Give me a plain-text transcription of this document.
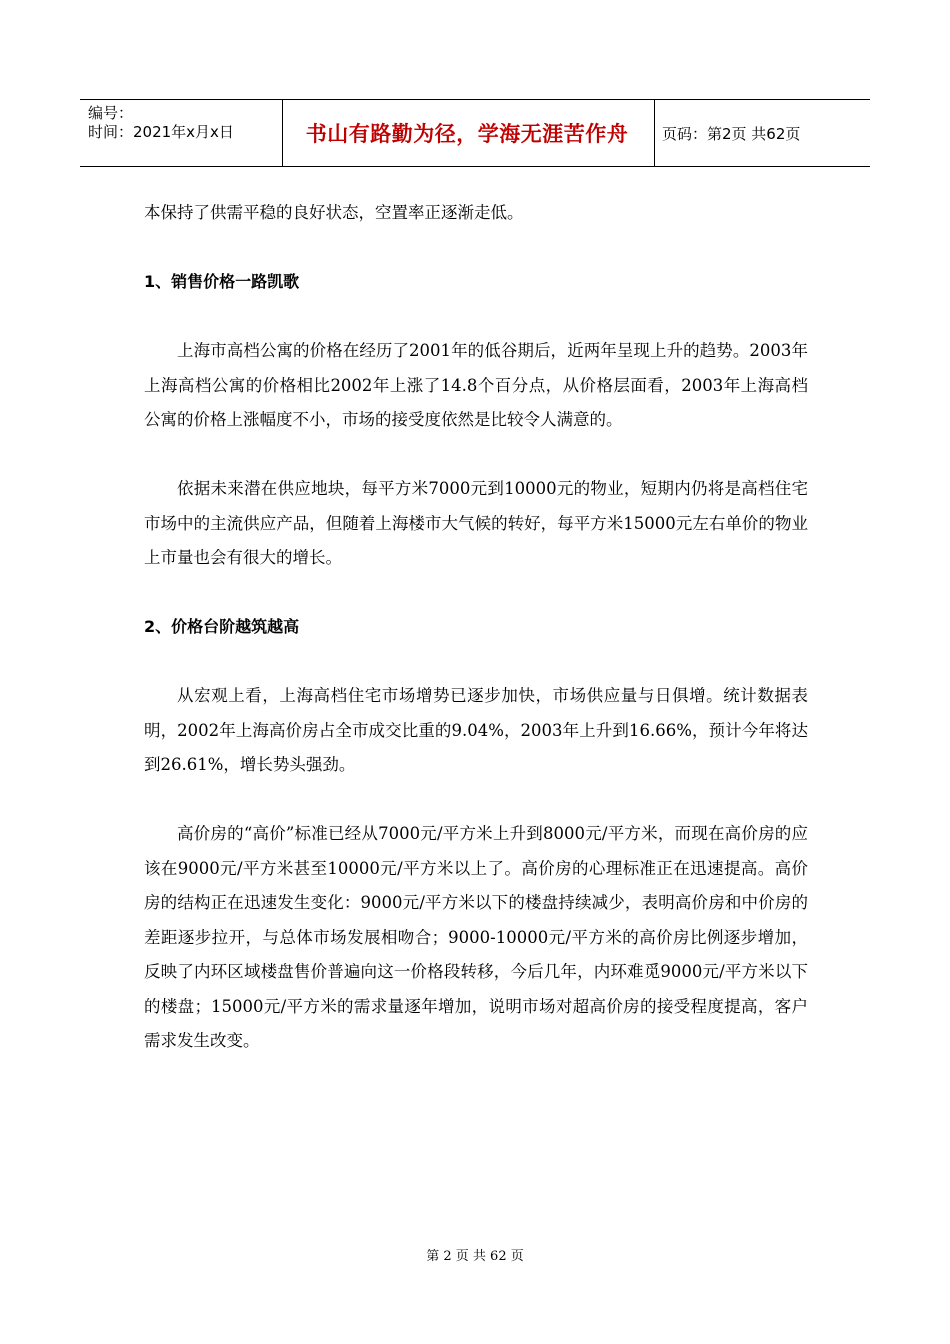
编号：
时间：2021年x月x日	书山有路勤为径，学海无涯苦作舟	页码：第2页 共62页

本保持了供需平稳的良好状态，空置率正逐渐走低。

1、销售价格一路凯歌

上海市高档公寓的价格在经历了2001年的低谷期后，近两年呈现上升的趋势。2003年上海高档公寓的价格相比2002年上涨了14.8个百分点，从价格层面看，2003年上海高档公寓的价格上涨幅度不小，市场的接受度依然是比较令人满意的。

依据未来潜在供应地块，每平方米7000元到10000元的物业，短期内仍将是高档住宅市场中的主流供应产品，但随着上海楼市大气候的转好，每平方米15000元左右单价的物业上市量也会有很大的增长。

2、价格台阶越筑越高

从宏观上看，上海高档住宅市场增势已逐步加快，市场供应量与日俱增。统计数据表明，2002年上海高价房占全市成交比重的9.04%，2003年上升到16.66%，预计今年将达到26.61%，增长势头强劲。

高价房的“高价”标准已经从7000元/平方米上升到8000元/平方米，而现在高价房的应该在9000元/平方米甚至10000元/平方米以上了。高价房的心理标准正在迅速提高。高价房的结构正在迅速发生变化：9000元/平方米以下的楼盘持续减少，表明高价房和中价房的差距逐步拉开，与总体市场发展相吻合；9000-10000元/平方米的高价房比例逐步增加，反映了内环区域楼盘售价普遍向这一价格段转移，今后几年，内环难觅9000元/平方米以下的楼盘；15000元/平方米的需求量逐年增加，说明市场对超高价房的接受程度提高，客户需求发生改变。

第 2 页 共 62 页
